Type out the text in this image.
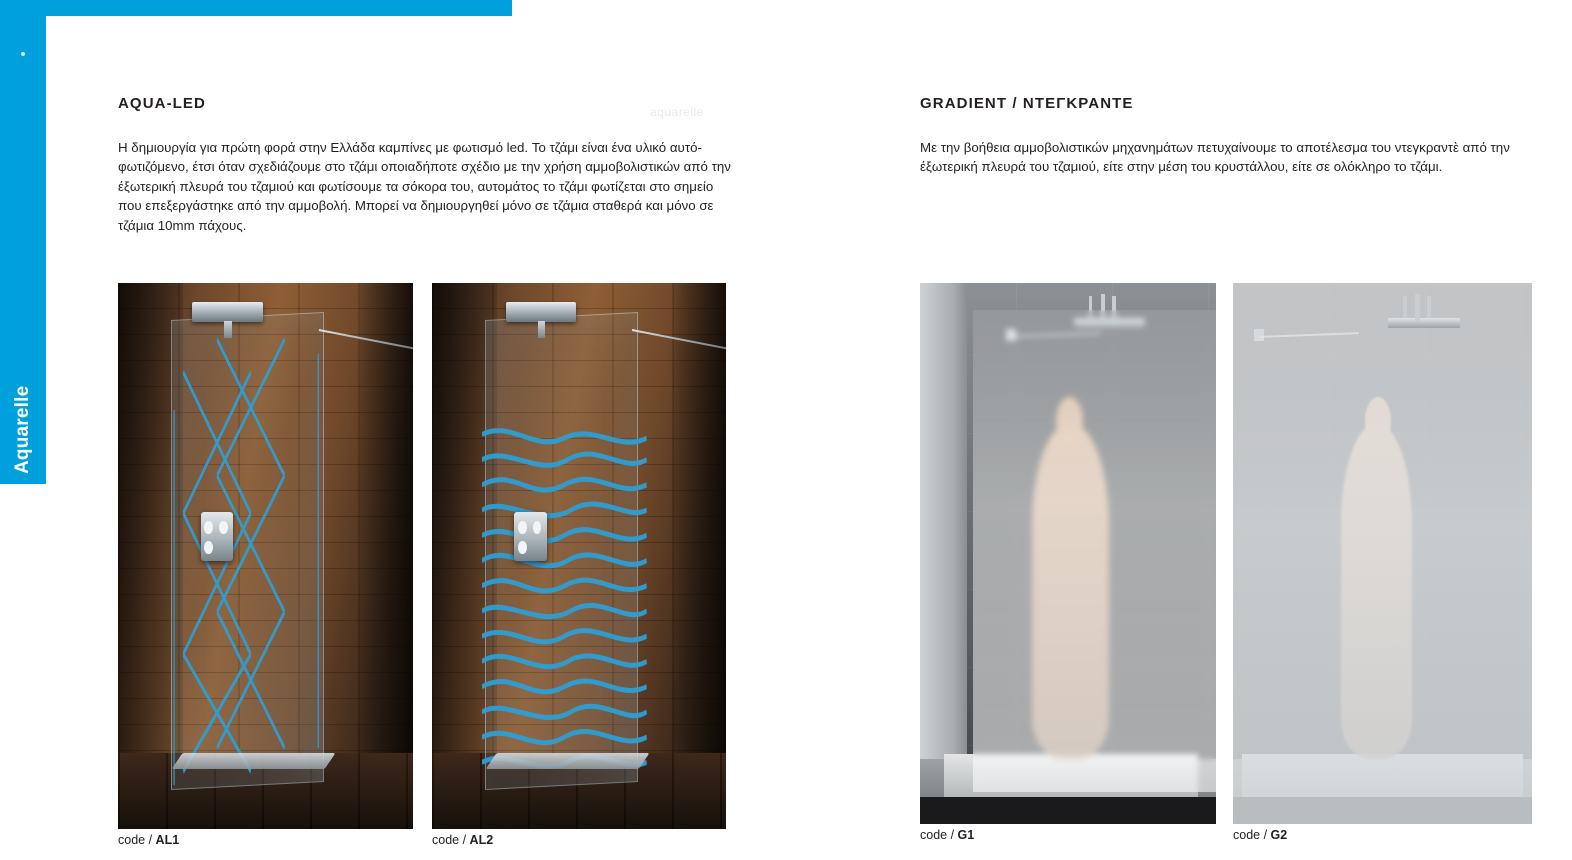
Aquarelle
AQUA-LED	aquarelle
Η δημιουργία για πρώτη φορά στην Ελλάδα καμπίνες με φωτισμό led. Το τζάμι είναι ένα υλικό αυτό-φωτιζόμενο, έτσι όταν σχεδιάζουμε στο τζάμι οποιαδήποτε σχέδιο με την χρήση αμμοβολιστικών από την έξωτερική πλευρά του τζαμιού και φωτίσουμε τα σόκορα του, αυτομάτος το τζάμι φωτίζεται στο σημείο που επεξεργάστηκε από την αμμοβολή. Μπορεί να δημιουργηθεί μόνο σε τζάμια σταθερά και μόνο σε τζάμια 10mm πάχους.
GRADIENT / ΝΤΕΓΚΡΑΝΤΕ
Με την βοήθεια αμμοβολιστικών μηχανημάτων πετυχαίνουμε το αποτέλεσμα του ντεγκραντὲ από την έξωτερική πλευρά του τζαμιού, είτε στην μέση του κρυστάλλου, είτε σε ολόκληρο το τζάμι.
code / AL1	code / AL2	code / G1	code / G2
